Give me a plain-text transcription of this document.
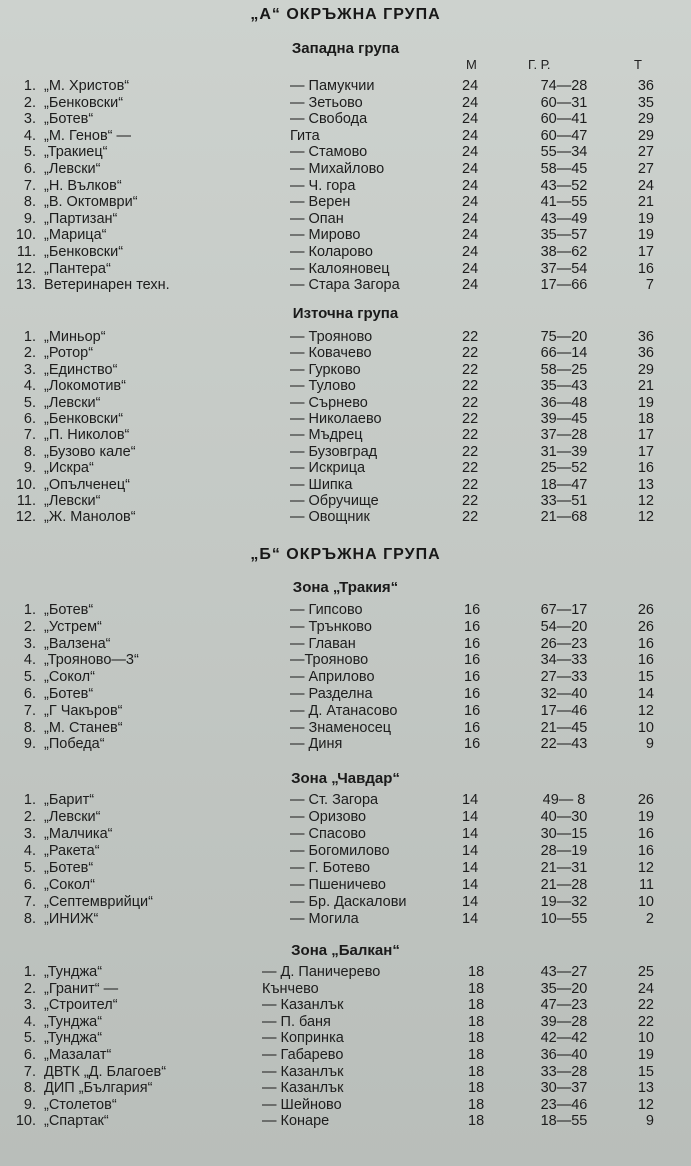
„А“ ОКРЪЖНА ГРУПА
Западна група
М	Г. Р.	Т
1. „М. Христов“	— Памукчии	24	74—28	36
2. „Бенковски“	— Зетьово	24	60—31	35
3. „Ботев“	— Свобода	24	60—41	29
4. „М. Генов“ —	Гита	24	60—47	29
5. „Тракиец“	— Стамово	24	55—34	27
6. „Левски“	— Михайлово	24	58—45	27
7. „Н. Вълков“	— Ч. гора	24	43—52	24
8. „В. Октомври“	— Верен	24	41—55	21
9. „Партизан“	— Опан	24	43—49	19
10. „Марица“	— Мирово	24	35—57	19
11. „Бенковски“	— Коларово	24	38—62	17
12. „Пантера“	— Калояновец	24	37—54	16
13. Ветеринарен техн.	— Стара Загора	24	17—66	7
Източна група
1. „Миньор“	— Трояново	22	75—20	36
2. „Ротор“	— Ковачево	22	66—14	36
3. „Единство“	— Гурково	22	58—25	29
4. „Локомотив“	— Тулово	22	35—43	21
5. „Левски“	— Сърнево	22	36—48	19
6. „Бенковски“	— Николаево	22	39—45	18
7. „П. Николов“	— Мъдрец	22	37—28	17
8. „Бузово кале“	— Бузовград	22	31—39	17
9. „Искра“	— Искрица	22	25—52	16
10. „Опълченец“	— Шипка	22	18—47	13
11. „Левски“	— Обручище	22	33—51	12
12. „Ж. Манолов“	— Овощник	22	21—68	12
„Б“ ОКРЪЖНА ГРУПА
Зона „Тракия“
1. „Ботев“	— Гипсово	16	67—17	26
2. „Устрем“	— Трънково	16	54—20	26
3. „Валзена“	— Главан	16	26—23	16
4. „Трояново—3“	—Трояново	16	34—33	16
5. „Сокол“	— Априлово	16	27—33	15
6. „Ботев“	— Разделна	16	32—40	14
7. „Г Чакъров“	— Д. Атанасово	16	17—46	12
8. „М. Станев“	— Знаменосец	16	21—45	10
9. „Победа“	— Диня	16	22—43	9
Зона „Чавдар“
1. „Барит“	— Ст. Загора	14	49— 8	26
2. „Левски“	— Оризово	14	40—30	19
3. „Малчика“	— Спасово	14	30—15	16
4. „Ракета“	— Богомилово	14	28—19	16
5. „Ботев“	— Г. Ботево	14	21—31	12
6. „Сокол“	— Пшеничево	14	21—28	11
7. „Септемврийци“	— Бр. Даскалови	14	19—32	10
8. „ИНИЖ“	— Могила	14	10—55	2
Зона „Балкан“
1. „Тунджа“	— Д. Паничерево	18	43—27	25
2. „Гранит“ —	Кънчево	18	35—20	24
3. „Строител“	— Казанлък	18	47—23	22
4. „Тунджа“	— П. баня	18	39—28	22
5. „Тунджа“	— Копринка	18	42—42	10
6. „Мазалат“	— Габарево	18	36—40	19
7. ДВТК „Д. Благоев“	— Казанлък	18	33—28	15
8. ДИП „България“	— Казанлък	18	30—37	13
9. „Столетов“	— Шейново	18	23—46	12
10. „Спартак“	— Конаре	18	18—55	9
